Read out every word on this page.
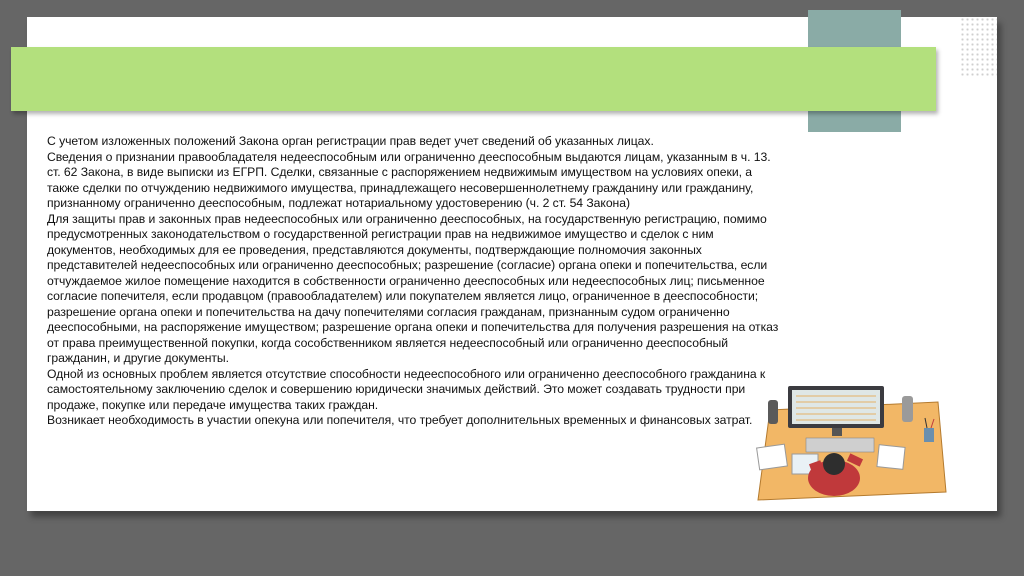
С учетом изложенных положений Закона орган регистрации прав ведет учет сведений об указанных лицах.
Сведения о признании правообладателя недееспособным или ограниченно дееспособным выдаются лицам, указанным в ч. 13. ст. 62 Закона, в виде выписки из ЕГРП. Сделки, связанные с распоряжением недвижимым имуществом на условиях опеки, а также сделки по отчуждению недвижимого имущества, принадлежащего несовершеннолетнему гражданину или гражданину, признанному ограниченно дееспособным, подлежат нотариальному удостоверению (ч. 2 ст. 54 Закона)
Для защиты прав и законных прав недееспособных или ограниченно дееспособных, на государственную регистрацию, помимо предусмотренных законодательством о государственной регистрации прав на недвижимое имущество и сделок с ним документов, необходимых для ее проведения, представляются документы, подтверждающие полномочия законных представителей недееспособных или ограниченно дееспособных; разрешение (согласие) органа опеки и попечительства, если отчуждаемое жилое помещение находится в собственности ограниченно дееспособных или недееспособных лиц; письменное согласие попечителя, если продавцом (правообладателем) или покупателем является лицо, ограниченное в дееспособности; разрешение органа опеки и попечительства на дачу попечителями согласия гражданам, признанным судом ограниченно дееспособными, на распоряжение имуществом; разрешение органа опеки и попечительства для получения разрешения на отказ от права преимущественной покупки, когда сособственником является недееспособный или ограниченно дееспособный гражданин, и другие документы.
Одной из основных проблем является отсутствие способности недееспособного или ограниченно дееспособного гражданина к самостоятельному заключению сделок и совершению юридически значимых действий. Это может создавать трудности при продаже, покупке или передаче имущества таких граждан.
Возникает необходимость в участии опекуна или попечителя, что требует дополнительных временных и финансовых затрат.
